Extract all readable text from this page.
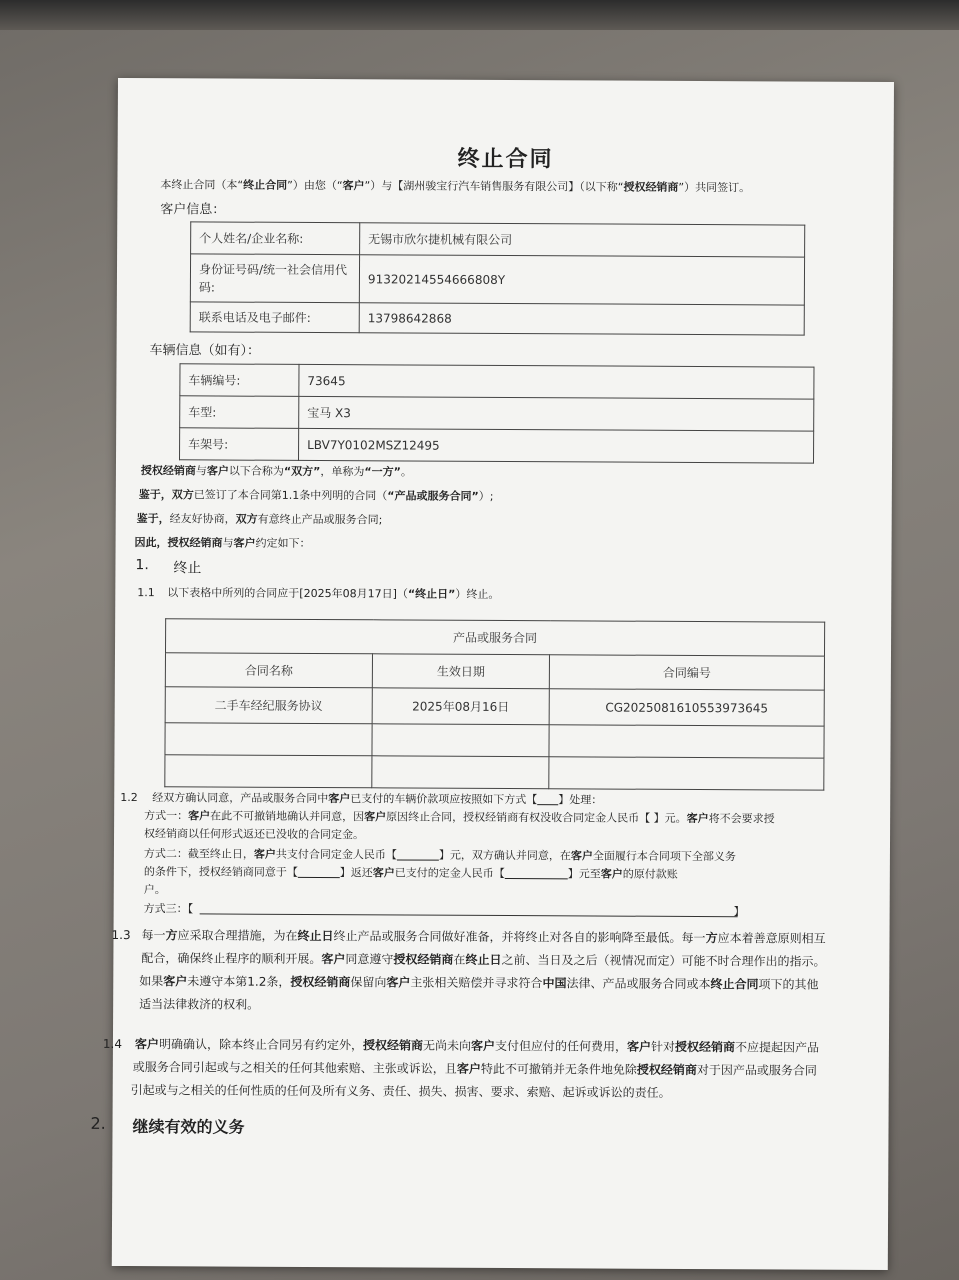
终止合同
本终止合同（本“终止合同”）由您（“客户”）与【湖州骏宝行汽车销售服务有限公司】（以下称“授权经销商”）共同签订。
客户信息：
个人姓名/企业名称:	无锡市欣尔捷机械有限公司
身份证号码/统一社会信用代码:	91320214554666808Y
联系电话及电子邮件:	13798642868
车辆信息（如有）：
车辆编号:	73645
车型:	宝马 X3
车架号:	LBV7Y0102MSZ12495
授权经销商与客户以下合称为“双方”，单称为“一方”。
鉴于，双方已签订了本合同第1.1条中列明的合同（“产品或服务合同”）;
鉴于，经友好协商，双方有意终止产品或服务合同;
因此，授权经销商与客户约定如下：
1. 终止
1.1 以下表格中所列的合同应于[2025年08月17日]（“终止日”）终止。
产品或服务合同		
合同名称	生效日期	合同编号
二手车经纪服务协议	2025年08月16日	CG2025081610553973645

1.2 经双方确认同意，产品或服务合同中客户已支付的车辆价款项应按照如下方式【 】处理：
方式一：客户在此不可撤销地确认并同意，因客户原因终止合同，授权经销商有权没收合同定金人民币【 】元。客户将不会要求授
权经销商以任何形式返还已没收的合同定金。
方式二：截至终止日，客户共支付合同定金人民币【	】元，双方确认并同意，在客户全面履行本合同项下全部义务
的条件下，授权经销商同意于【	】返还客户已支付的定金人民币【	】元至客户的原付款账
户。
方式三：【	】
1.3 每一方应采取合理措施，为在终止日终止产品或服务合同做好准备，并将终止对各自的影响降至最低。每一方应本着善意原则相互
配合，确保终止程序的顺利开展。客户同意遵守授权经销商在终止日之前、当日及之后（视情况而定）可能不时合理作出的指示。
如果客户未遵守本第1.2条，授权经销商保留向客户主张相关赔偿并寻求符合中国法律、产品或服务合同或本终止合同项下的其他
适当法律救济的权利。
1.4 客户明确确认，除本终止合同另有约定外，授权经销商无尚未向客户支付但应付的任何费用，客户针对授权经销商不应提起因产品
或服务合同引起或与之相关的任何其他索赔、主张或诉讼，且客户特此不可撤销并无条件地免除授权经销商对于因产品或服务合同
引起或与之相关的任何性质的任何及所有义务、责任、损失、损害、要求、索赔、起诉或诉讼的责任。
2. 继续有效的义务
